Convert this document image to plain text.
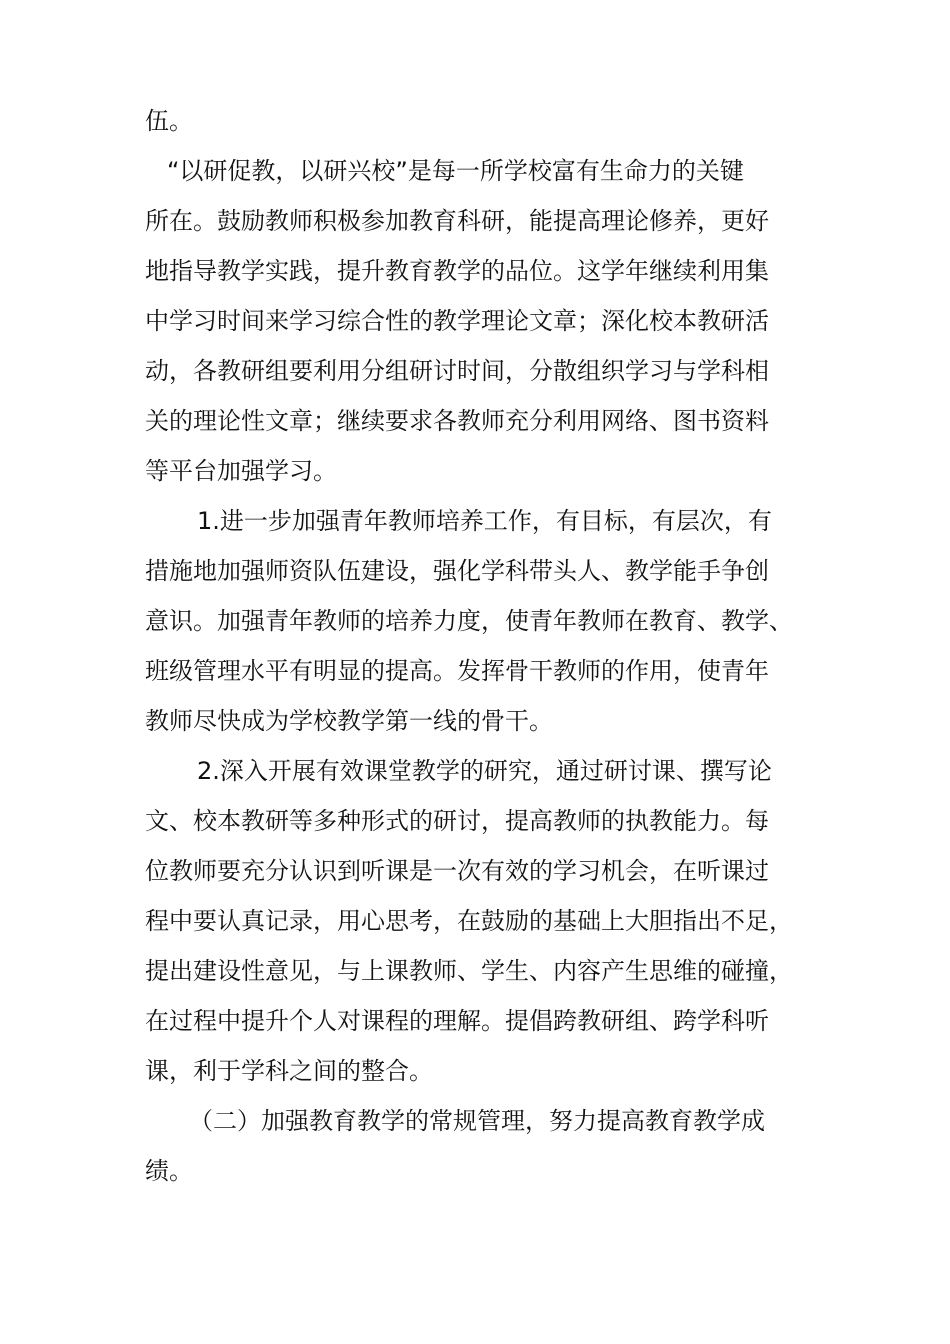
伍。
“以研促教，以研兴校”是每一所学校富有生命力的关键
所在。鼓励教师积极参加教育科研，能提高理论修养，更好
地指导教学实践，提升教育教学的品位。这学年继续利用集
中学习时间来学习综合性的教学理论文章；深化校本教研活
动，各教研组要利用分组研讨时间，分散组织学习与学科相
关的理论性文章；继续要求各教师充分利用网络、图书资料
等平台加强学习。
1.进一步加强青年教师培养工作，有目标，有层次，有
措施地加强师资队伍建设，强化学科带头人、教学能手争创
意识。加强青年教师的培养力度，使青年教师在教育、教学、
班级管理水平有明显的提高。发挥骨干教师的作用，使青年
教师尽快成为学校教学第一线的骨干。
2.深入开展有效课堂教学的研究，通过研讨课、撰写论
文、校本教研等多种形式的研讨，提高教师的执教能力。每
位教师要充分认识到听课是一次有效的学习机会，在听课过
程中要认真记录，用心思考，在鼓励的基础上大胆指出不足，
提出建设性意见，与上课教师、学生、内容产生思维的碰撞，
在过程中提升个人对课程的理解。提倡跨教研组、跨学科听
课，利于学科之间的整合。
（二）加强教育教学的常规管理，努力提高教育教学成
绩。
